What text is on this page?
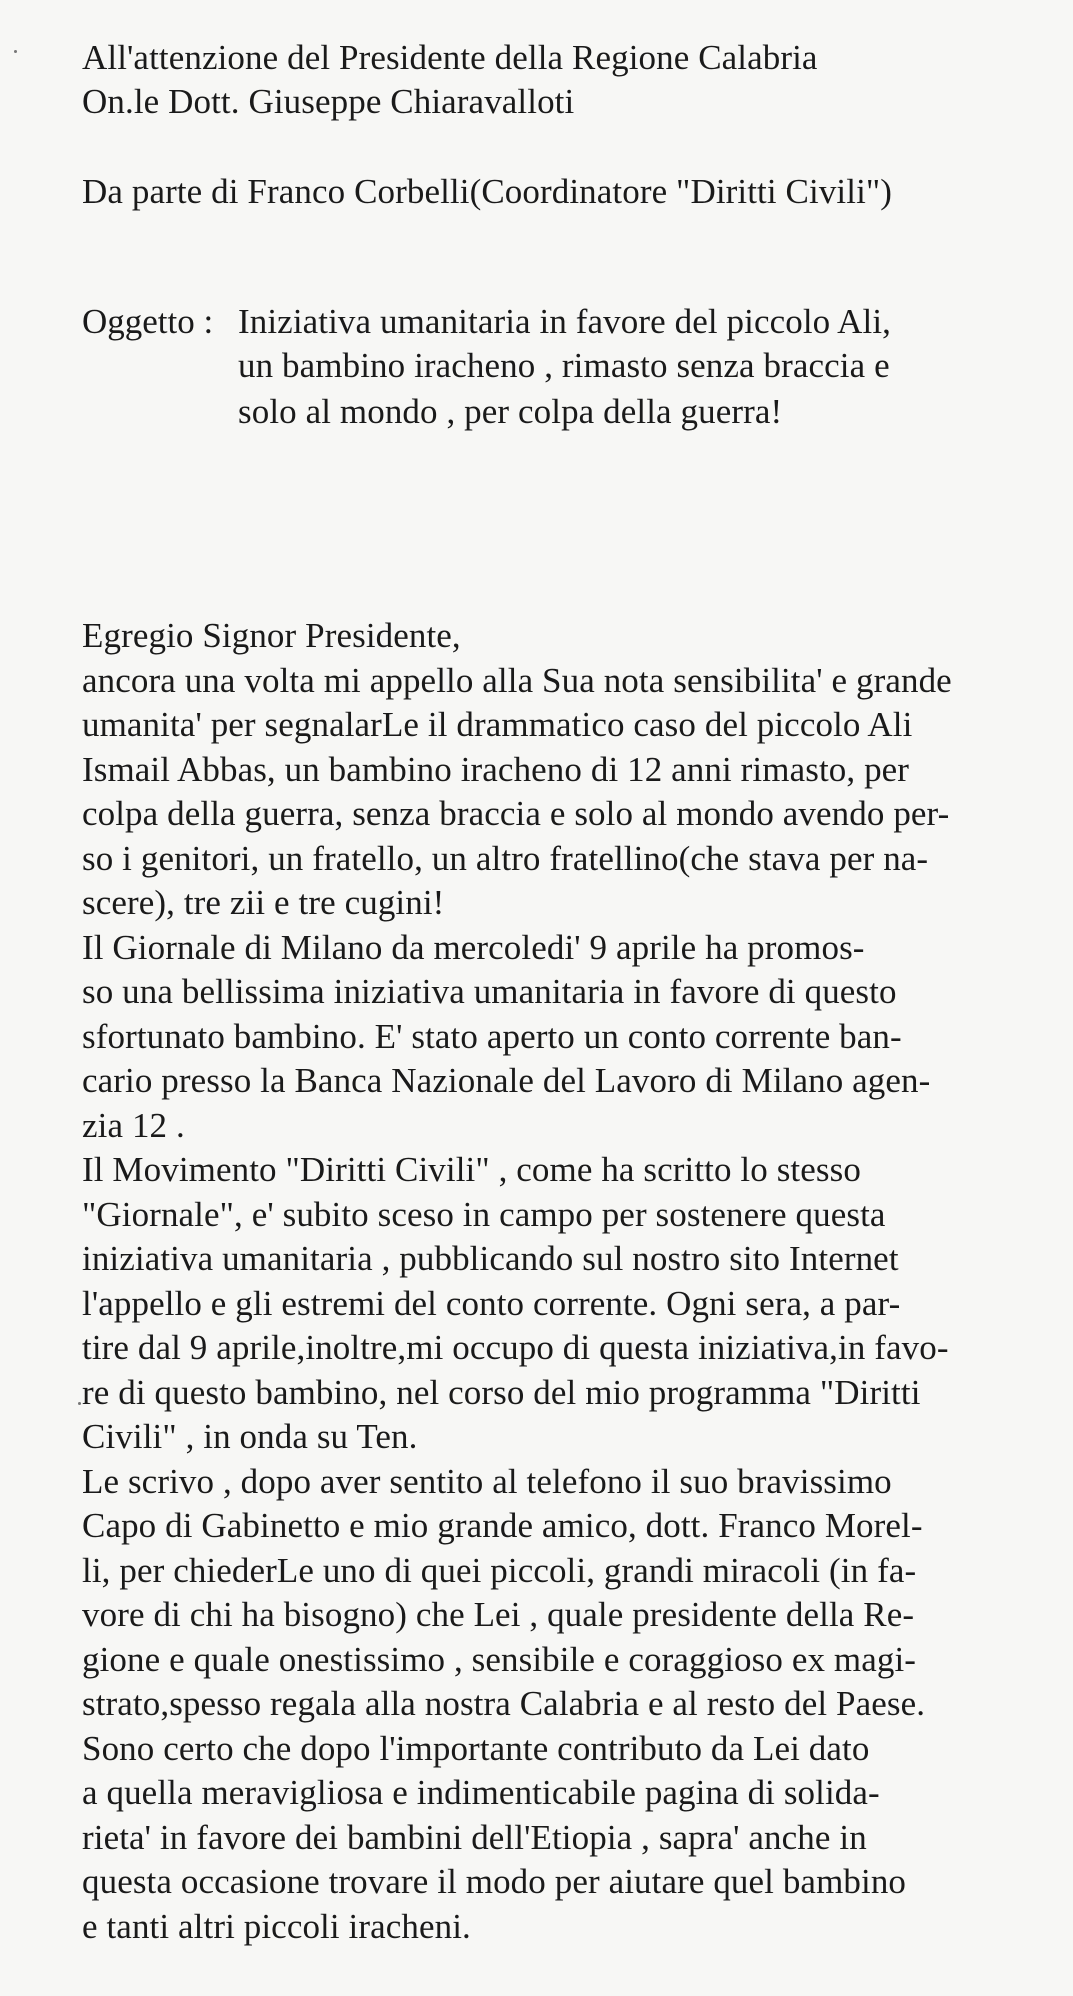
All'attenzione del Presidente della Regione Calabria
On.le Dott. Giuseppe Chiaravalloti
Da parte di Franco Corbelli(Coordinatore "Diritti Civili")
Oggetto : Iniziativa umanitaria in favore del piccolo Ali,
un bambino iracheno , rimasto senza braccia e
solo al mondo , per colpa della guerra!
Egregio Signor Presidente,
ancora una volta mi appello alla Sua nota sensibilita' e grande
umanita' per segnalarLe il drammatico caso del piccolo Ali
Ismail Abbas, un bambino iracheno di 12 anni rimasto, per
colpa della guerra, senza braccia e solo al mondo avendo per-
so i genitori, un fratello, un altro fratellino(che stava per na-
scere), tre zii e tre cugini!
Il Giornale di Milano da mercoledi' 9 aprile ha promos-
so una bellissima iniziativa umanitaria in favore di questo
sfortunato bambino. E' stato aperto un conto corrente ban-
cario presso la Banca Nazionale del Lavoro di Milano agen-
zia 12 .
Il Movimento "Diritti Civili" , come ha scritto lo stesso
"Giornale", e' subito sceso in campo per sostenere questa
iniziativa umanitaria , pubblicando sul nostro sito Internet
l'appello e gli estremi del conto corrente. Ogni sera, a par-
tire dal 9 aprile,inoltre,mi occupo di questa iniziativa,in favo-
re di questo bambino, nel corso del mio programma "Diritti
Civili" , in onda su Ten.
Le scrivo , dopo aver sentito al telefono il suo bravissimo
Capo di Gabinetto e mio grande amico, dott. Franco Morel-
li, per chiederLe uno di quei piccoli, grandi miracoli (in fa-
vore di chi ha bisogno) che Lei , quale presidente della Re-
gione e quale onestissimo , sensibile e coraggioso ex magi-
strato,spesso regala alla nostra Calabria e al resto del Paese.
Sono certo che dopo l'importante contributo da Lei dato
a quella meravigliosa e indimenticabile pagina di solida-
rieta' in favore dei bambini dell'Etiopia , sapra' anche in
questa occasione trovare il modo per aiutare quel bambino
e tanti altri piccoli iracheni.
